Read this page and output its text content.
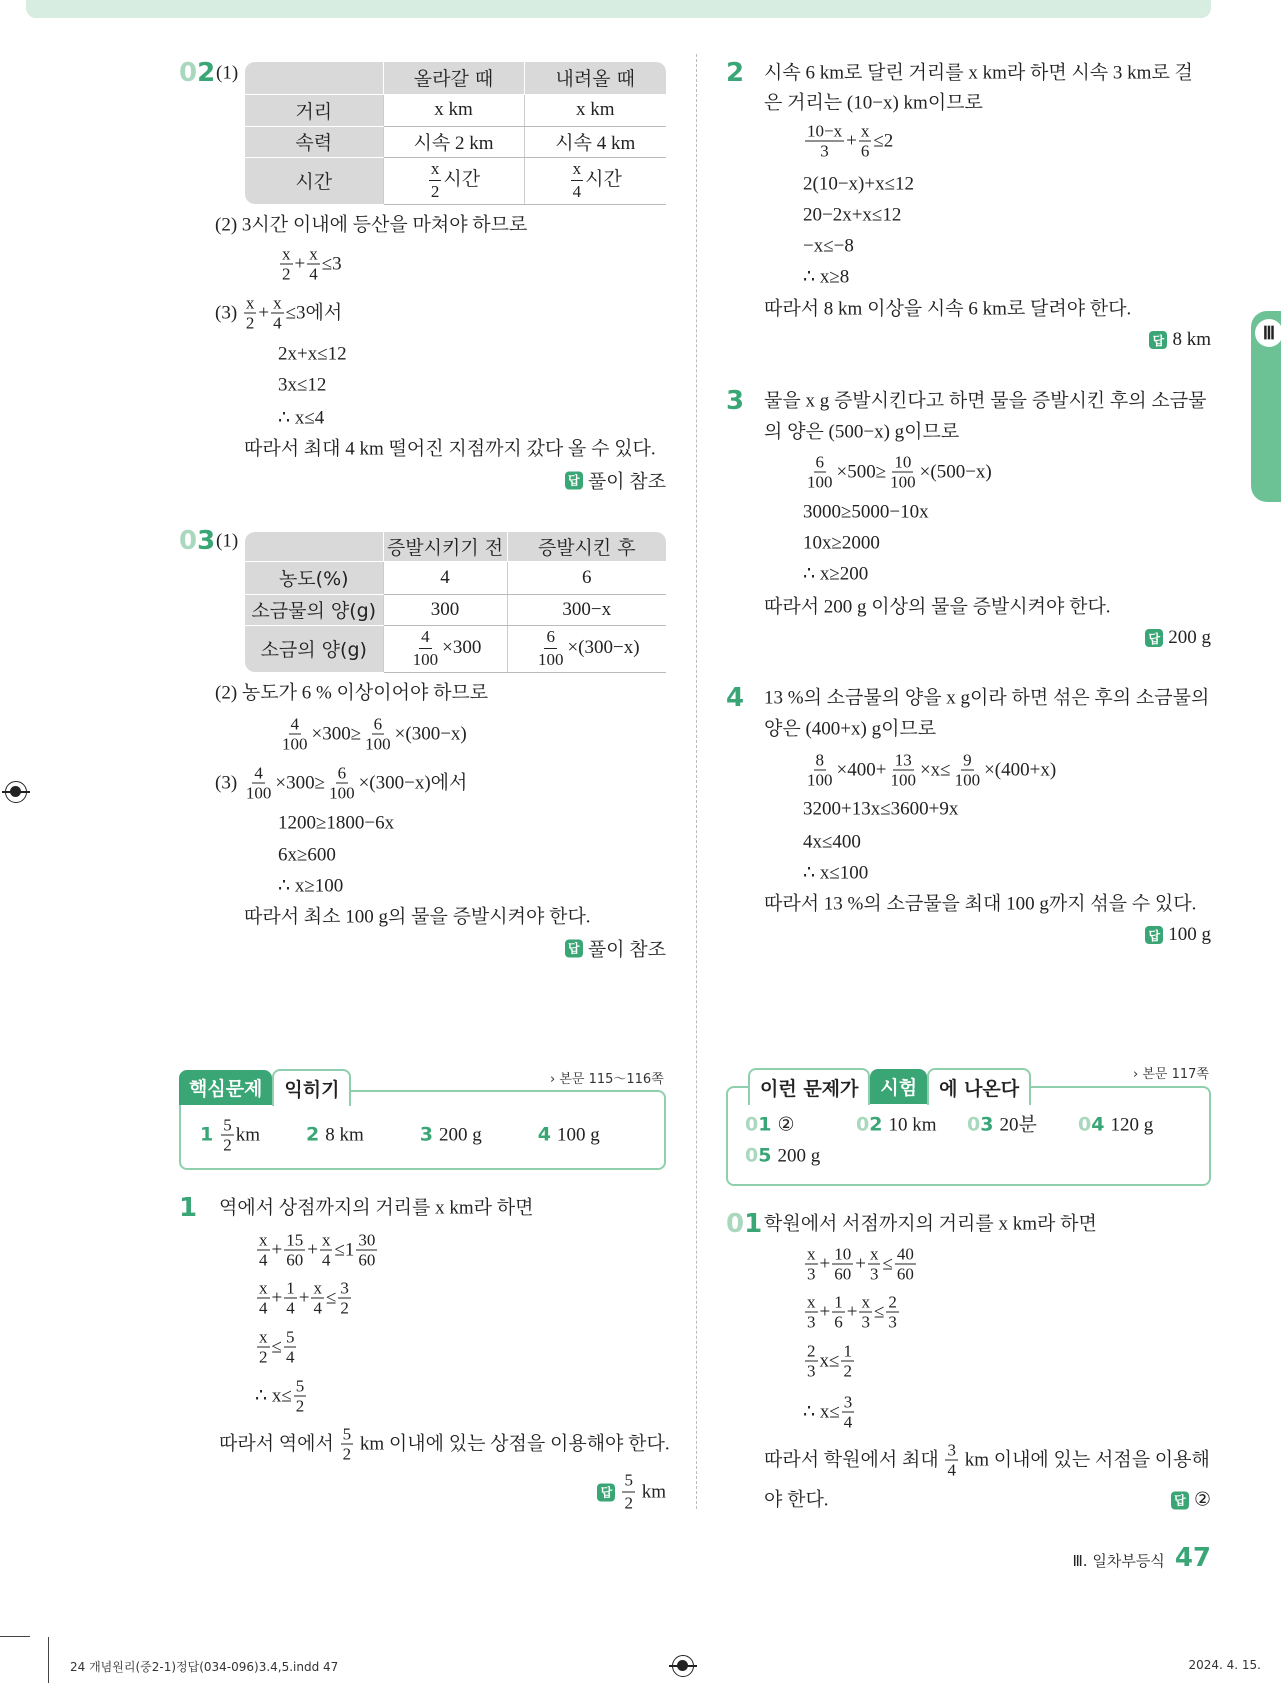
Ⅲ
02 (1)
		올라갈 때	내려올 때
거리	x km	x km
속력	시속 2 km	시속 4 km
시간	$\frac{x}{2}$ 시간	$\frac{x}{4}$ 시간
(2) 3시간 이내에 등산을 마쳐야 하므로
$\frac{x}{2} + \frac{x}{4} \le 3$
$(3) \frac{x}{2} + \frac{x}{4} \le 3$에서
2x+x≤12
3x≤12
∴ x≤4
따라서 최대 4 km 떨어진 지점까지 갔다 올 수 있다.
답 풀이 참조
03 (1)
		증발시키기 전	증발시킨 후
농도(%)	4	6
소금물의 양(g)	300	300−x
소금의 양(g)	$\frac{4}{100} \times 300$	$\frac{6}{100} \times(300-x)$
(2) 농도가 6 % 이상이어야 하므로
$\frac{4}{100} \times 300\ge \frac{6}{100} \times(300-x)$
$(3) \frac{4}{100} \times 300\ge \frac{6}{100} \times(300-x)$에서
1200≥1800−6x
6x≥600
∴ x≥100
따라서 최소 100 g의 물을 증발시켜야 한다.
답 풀이 참조
핵심문제	익히기	› 본문 115～116쪽
$1 \frac{5}{2}$ km 2 8 km	3 200 g	4 100 g
1 역에서 상점까지의 거리를 x km라 하면
$\frac{x}{4} + \frac{15}{60} + \frac{x}{4} \le 1 \frac{30}{60}$
$\frac{x}{4} + \frac{1}{4} + \frac{x}{4} \le \frac{3}{2}$
$\frac{x}{2} \le \frac{5}{4}$
∴ $x\le \frac{5}{2}$
따라서 역에서 $\frac{5}{2}$ km 이내에 있는 상점을 이용해야 한다.
답 $\frac{5}{2}$ km
2 시속 6 km로 달린 거리를 x km라 하면 시속 3 km로 걸
은 거리는 (10−x) km이므로
$\frac{10-x}{3} + \frac{x}{6} \le 2$
2(10−x)+x≤12
20−2x+x≤12
−x≤−8
∴ x≥8
따라서 8 km 이상을 시속 6 km로 달려야 한다.
답 8 km
3 물을 x g 증발시킨다고 하면 물을 증발시킨 후의 소금물
의 양은 (500−x) g이므로
$\frac{6}{100} \times 500\ge \frac{10}{100} \times(500-x)$
3000≥5000−10x
10x≥2000
∴ x≥200
따라서 200 g 이상의 물을 증발시켜야 한다.
답 200 g
4 13 %의 소금물의 양을 x g이라 하면 섞은 후의 소금물의
양은 (400+x) g이므로
$\frac{8}{100} \times 400+ \frac{13}{100} \times x\le \frac{9}{100} \times(400+x)$
3200+13x≤3600+9x
4x≤400
∴ x≤100
따라서 13 %의 소금물을 최대 100 g까지 섞을 수 있다.
답 100 g
이런 문제가	시험	에 나온다
› 본문 117쪽
01 ②	02 10 km 03 20분 04 120 g
05 200 g
01 학원에서 서점까지의 거리를 x km라 하면
$\frac{x}{3} + \frac{10}{60} + \frac{x}{3} \le \frac{40}{60}$
$\frac{x}{3} + \frac{1}{6} + \frac{x}{3} \le \frac{2}{3}$
$\frac{2}{3} x\le \frac{1}{2}$
∴ $x\le \frac{3}{4}$
따라서 학원에서 최대 $\frac{3}{4}$ km 이내에 있는 서점을 이용해
야 한다.	답 ②
Ⅲ. 일차부등식 47
24 개념원리(중2-1)정답(034-096)3.4,5.indd 47	2024. 4. 15.
